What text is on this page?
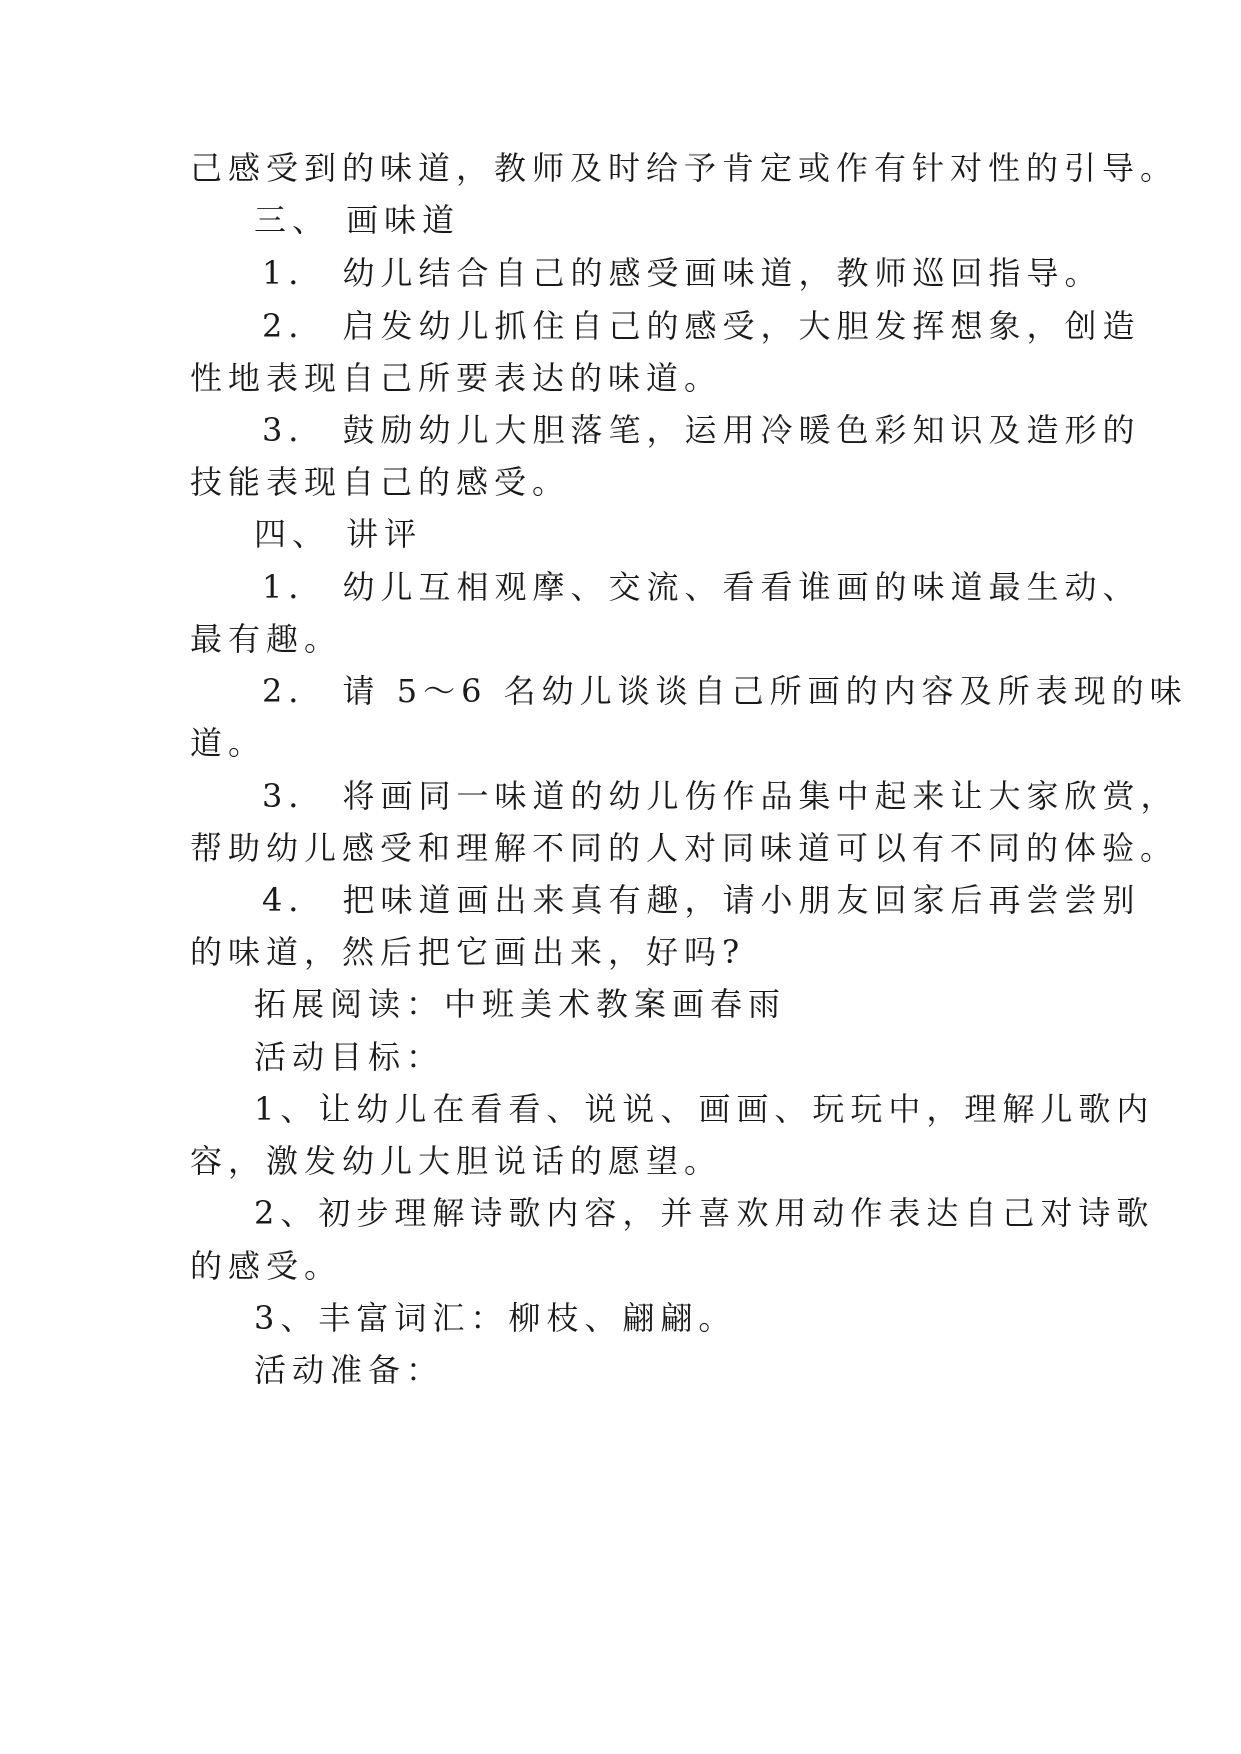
己感受到的味道，教师及时给予肯定或作有针对性的引导。
三、 画味道
1． 幼儿结合自己的感受画味道，教师巡回指导。
2． 启发幼儿抓住自己的感受，大胆发挥想象，创造
性地表现自己所要表达的味道。
3． 鼓励幼儿大胆落笔，运用冷暖色彩知识及造形的
技能表现自己的感受。
四、 讲评
1． 幼儿互相观摩、交流、看看谁画的味道最生动、
最有趣。
2． 请 5～6 名幼儿谈谈自己所画的内容及所表现的味
道。
3． 将画同一味道的幼儿伤作品集中起来让大家欣赏，
帮助幼儿感受和理解不同的人对同味道可以有不同的体验。
4． 把味道画出来真有趣，请小朋友回家后再尝尝别
的味道，然后把它画出来，好吗?
拓展阅读：中班美术教案画春雨
活动目标：
1、让幼儿在看看、说说、画画、玩玩中，理解儿歌内
容，激发幼儿大胆说话的愿望。
2、初步理解诗歌内容，并喜欢用动作表达自己对诗歌
的感受。
3、丰富词汇：柳枝、翩翩。
活动准备：
